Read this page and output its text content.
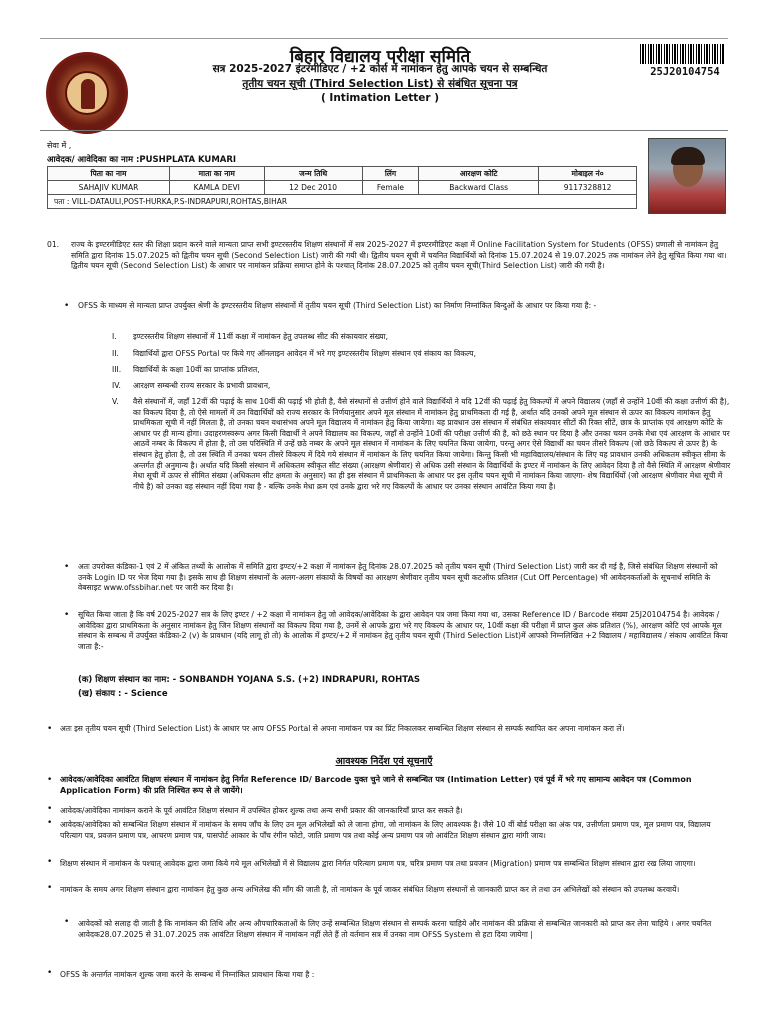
बिहार विद्यालय परीक्षा समिति
सत्र 2025-2027 इंटरमीडिएट / +2 कोर्स में नामांकन हेतु आपके चयन से सम्बन्धित
तृतीय चयन सूची (Third Selection List) से संबंधित सूचना पत्र
( Intimation Letter )
25J20104754
सेवा में ,
आवेदक/ आवेदिका का नाम :PUSHPLATA KUMARI
पिता का नाम	माता का नाम	जन्म तिथि	लिंग	आरक्षण कोटि	मोबाइल नं०
SAHAJIV KUMAR	KAMLA DEVI	12 Dec 2010	Female	Backward Class	9117328812
पता : VILL-DATAULI,POST-HURKA,P.S-INDRAPURI,ROHTAS,BIHAR					
01. राज्य के इण्टरमीडिएट स्तर की शिक्षा प्रदान करने वाले मान्यता प्राप्त सभी इण्टरस्तरीय शिक्षण संस्थानों में सत्र 2025-2027 में इण्टरमीडिएट कक्षा में Online Facilitation System for Students (OFSS) प्रणाली से नामांकन हेतु समिति द्वारा दिनांक 15.07.2025 को द्वितीय चयन सूची (Second Selection List) जारी की गयी थी। द्वितीय चयन सूची में चयनित विद्यार्थियों को दिनांक 15.07.2024 से 19.07.2025 तक नामांकन लेने हेतु सूचित किया गया था। द्वितीय चयन सूची (Second Selection List) के आधार पर नामांकन प्रक्रिया समाप्त होने के पश्चात् दिनांक 28.07.2025 को तृतीय चयन सूची(Third Selection List) जारी की गयी है।
• OFSS के माध्यम से मान्यता प्राप्त उपर्युक्त श्रेणी के इण्टरस्तरीय शिक्षण संस्थानों में तृतीय चयन सूची (Third Selection List) का निर्माण निम्नांकित बिन्दुओं के आधार पर किया गया है: -
I. इण्टरस्तरीय शिक्षण संस्थानों में 11वीं कक्षा में नामांकन हेतु उपलब्ध सीट की संकायवार संख्या,
II. विद्यार्थियों द्वारा OFSS Portal पर किये गए ऑनलाइन आवेदन में भरे गए इण्टरस्तरीय शिक्षण संस्थान एवं संकाय का विकल्प,
III. विद्यार्थियों के कक्षा 10वीं का प्राप्तांक प्रतिशत,
IV. आरक्षण सम्बन्धी राज्य सरकार के प्रभावी प्रावधान,
V. वैसे संस्थानों में, जहाँ 12वीं की पढ़ाई के साथ 10वीं की पढ़ाई भी होती है, वैसे संस्थानों से उत्तीर्ण होने वाले विद्यार्थियों ने यदि 12वीं की पढ़ाई हेतु विकल्पों में अपने विद्यालय (जहाँ से उन्होंने 10वीं की कक्षा उत्तीर्ण की है), का विकल्प दिया है, तो ऐसे मामलों में उन विद्यार्थियों को राज्य सरकार के निर्णयानुसार अपने मूल संस्थान में नामांकन हेतु प्राथमिकता दी गई है, अर्थात यदि उनको अपने मूल संस्थान से ऊपर का विकल्प नामांकन हेतु प्राथमिकता सूची में नहीं मिलता है, तो उनका चयन यथासंभव अपने मूल विद्यालय में नामांकन हेतु किया जायेगा। यह प्रावधान उस संस्थान में संबंधित संकायवार सीटों की रिक्त सीटें, छात्र के प्राप्तांक एवं आरक्षण कोटि के आधार पर ही मान्य होगा। उदाहरणस्वरूप अगर किसी विद्यार्थी ने अपने विद्यालय का विकल्प, जहाँ से उन्होंने 10वीं की परीक्षा उत्तीर्ण की है, को छठे स्थान पर दिया है और उनका चयन उनके मेधा एवं आरक्षण के आधार पर आठवें नम्बर के विकल्प में होता है, तो उस परिस्थिति में उन्हें छठे नम्बर के अपने मूल संस्थान में नामांकन के लिए चयनित किया जायेगा, परन्तु अगर ऐसे विद्यार्थी का चयन तीसरे विकल्प (जो छठे विकल्प से ऊपर है) के संस्थान हेतु होता है, तो उस स्थिति में उनका चयन तीसरे विकल्प में दिये गये संस्थान में नामांकन के लिए चयनित किया जायेगा। किन्तु किसी भी महाविद्यालय/संस्थान के लिए यह प्रावधान उनकी अधिकतम स्वीकृत सीमा के अन्तर्गत ही अनुमान्य है। अर्थात यदि किसी संस्थान में अधिकतम स्वीकृत सीट संख्या (आरक्षण श्रेणीवार) से अधिक उसी संस्थान के विद्यार्थियों के इण्टर में नामांकन के लिए आवेदन दिया है तो वैसे स्थिति में आरक्षण श्रेणीवार मेधा सूची में ऊपर से सीमित संख्या (अधिकतम सीट क्षमता के अनुसार) का ही इस संस्थान में प्राथमिकता के आधार पर इस तृतीय चयन सूची में नामांकन किया जाएगा- शेष विद्यार्थियों (जो आरक्षण श्रेणीवार मेधा सूची में नीचे है) को उनका वह संस्थान नहीं दिया गया है - बल्कि उनके मेधा क्रम एवं उनके द्वारा भरे गए विकल्पों के आधार पर उनका संस्थान आवंटित किया गया है।
• अतः उपरोक्त कंडिका-1 एवं 2 में अंकित तथ्यों के आलोक में समिति द्वारा इण्टर/+2 कक्षा में नामांकन हेतु दिनांक 28.07.2025 को तृतीय चयन सूची (Third Selection List) जारी कर दी गई है, जिसे संबंधित शिक्षण संस्थानों को उनके Login ID पर भेज दिया गया है। इसके साथ ही शिक्षण संस्थानों के अलग-अलग संकायों के विषयों का आरक्षण श्रेणीवार तृतीय चयन सूची कटऑफ प्रतिशत (Cut Off Percentage) भी आवेदनकर्ताओं के सूचनार्थ समिति के वेबसाइट www.ofssbihar.net पर जारी कर दिया है।
• सूचित किया जाता है कि वर्ष 2025-2027 सत्र के लिए इण्टर / +2 कक्षा में नामांकन हेतु जो आवेदक/आवेदिका के द्वारा आवेदन पत्र जमा किया गया था, उसका Reference ID / Barcode संख्या 25J20104754 है। आवेदक /आवेदिका द्वारा प्राथमिकता के अनुसार नामांकन हेतु जिन शिक्षण संस्थानों का विकल्प दिया गया है, उनमें से आपके द्वारा भरे गए विकल्प के आधार पर, 10वीं कक्षा की परीक्षा में प्राप्त कुल अंक प्रतिशत (%), आरक्षण कोटि एवं आपके मूल संस्थान के सम्बन्ध में उपर्युक्त कंडिका-2 (v) के प्रावधान (यदि लागू हो तो) के आलोक में इण्टर/+2 में नामांकन हेतु तृतीय चयन सूची (Third Selection List)में आपको निम्नलिखित +2 विद्यालय / महाविद्यालय / संकाय आवंटित किया जाता है:-
(क) शिक्षण संस्थान का नाम: - SONBANDH YOJANA S.S. (+2) INDRAPURI, ROHTAS
(ख) संकाय : - Science
• अतः इस तृतीय चयन सूची (Third Selection List) के आधार पर आप OFSS Portal से अपना नामांकन पत्र का प्रिंट निकालकर सम्बन्धित शिक्षण संस्थान से सम्पर्क स्थापित कर अपना नामांकन करा लें।
आवश्यक निर्देश एवं सूचनाएँ
• आवेदक/आवेदिका आवंटित शिक्षण संस्थान में नामांकन हेतु निर्गत Reference ID/ Barcode युक्त चुने जाने से सम्बन्धित पत्र (Intimation Letter) एवं पूर्व में भरे गए सामान्य आवेदन पत्र (Common Application Form) की प्रति निश्चित रूप से ले जायेंगे।
• आवेदक/आवेदिका नामांकन कराने के पूर्व आवंटित शिक्षण संस्थान में उपस्थित होकर शुल्क तथा अन्य सभी प्रकार की जानकारियाँ प्राप्त कर सकते है।
• आवेदक/आवेदिका को सम्बन्धित शिक्षण संस्थान में नामांकन के समय जाँच के लिए उन मूल अभिलेखों को ले जाना होगा, जो नामांकन के लिए आवश्यक है। जैसे 10 वीं बोर्ड परीक्षा का अंक पत्र, उत्तीर्णता प्रमाण पत्र, मूल प्रमाण पत्र, विद्यालय परित्याग पत्र, प्रवजन प्रमाण पत्र, आचरण प्रमाण पत्र, पासपोर्ट आकार के पाँच रंगीन फोटो, जाति प्रमाण पत्र तथा कोई अन्य प्रमाण पत्र जो आवंटित शिक्षण संस्थान द्वारा मांगी जाय।
• शिक्षण संस्थान में नामांकन के पश्चात् आवेदक द्वारा जमा किये गये मूल अभिलेखों में से विद्यालय द्वारा निर्गत परित्याग प्रमाण पत्र, चरित्र प्रमाण पत्र तथा प्रवजन (Migration) प्रमाण पत्र सम्बन्धित शिक्षण संस्थान द्वारा रख लिया जाएगा।
• नामांकन के समय अगर शिक्षण संस्थान द्वारा नामांकन हेतु कुछ अन्य अभिलेख की माँग की जाती है, तो नामांकन के पूर्व जाकर संबंधित शिक्षण संस्थानों से जानकारी प्राप्त कर ले तथा उन अभिलेखों को संस्थान को उपलब्ध करवायें।
• आवेदकों को सलाह दी जाती है कि नामांकन की तिथि और अन्य औपचारिकताओं के लिए उन्हें सम्बन्धित शिक्षण संस्थान से सम्पर्क करना चाहिये और नामांकन की प्रक्रिया से सम्बन्धित जानकारी को प्राप्त कर लेना चाहिये । अगर चयनित आवेदक28.07.2025 से 31.07.2025 तक आवंटित शिक्षण संस्थान में नामांकन नहीं लेते हैं तो वर्तमान सत्र में उनका नाम OFSS System से हटा दिया जायेगा |
• OFSS के अन्तर्गत नामांकन शुल्क जमा करने के सम्बन्ध में निम्नांकित प्रावधान किया गया है :
